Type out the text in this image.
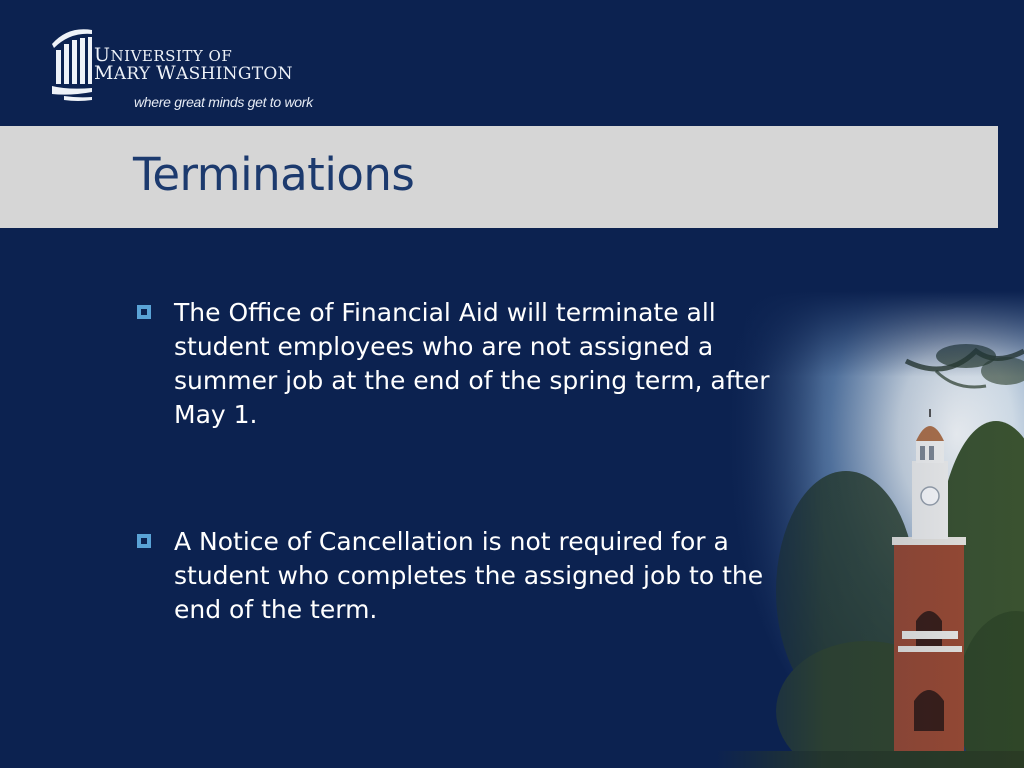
UNIVERSITY OF
MARY WASHINGTON
where great minds get to work
Terminations
The Office of Financial Aid will terminate all student employees who are not assigned a summer job at the end of the spring term, after May 1.
A Notice of Cancellation is not required for a student who completes the assigned job to the end of the term.
